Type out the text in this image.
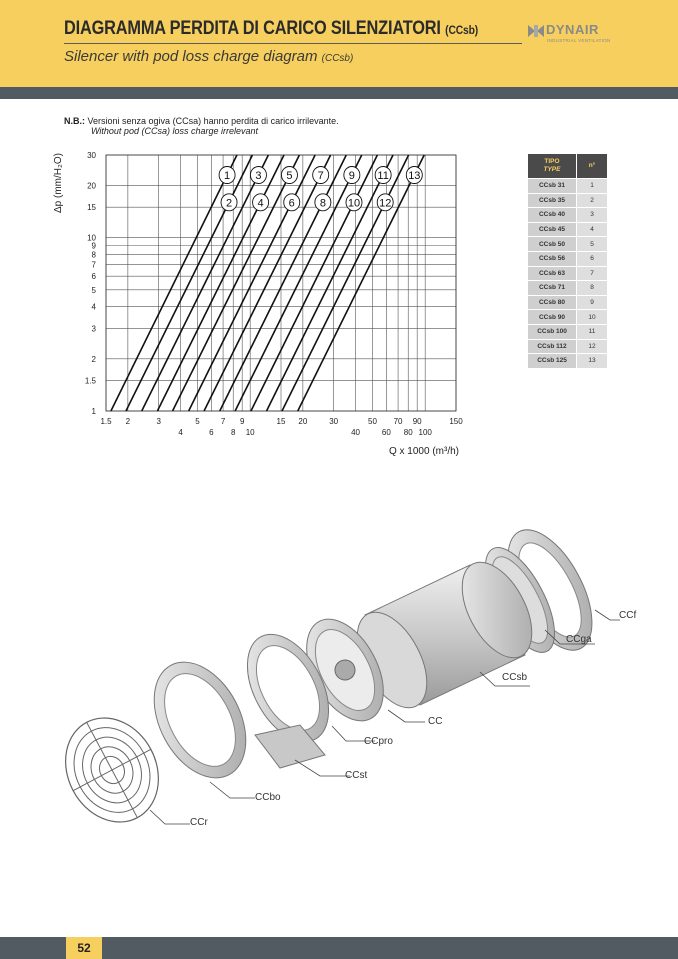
DIAGRAMMA PERDITA DI CARICO SILENZIATORI (CCsb)
Silencer with pod loss charge diagram (CCsb)
DYNAIR
INDUSTRIAL VENTILATION
N.B.: Versioni senza ogiva (CCsa) hanno perdita di carico irrilevante.
Without pod (CCsa) loss charge irrelevant
1
2
3
4
5
6
7
8
9
10
11
12
13
30
20
15
10
9
8
7
6
5
4
3
2
1.5
1
1.5 2	3	5	7 9	15 20	30	50 70 90	150
4	6 8 10	40	60 80 100
Δp (mm/H₂O)
Q x 1000 (m³/h)
TIPO
TYPE	n°
CCsb 31	1
CCsb 35	2
CCsb 40	3
CCsb 45	4
CCsb 50	5
CCsb 56	6
CCsb 63	7
CCsb 71	8
CCsb 80	9
CCsb 90	10
CCsb 100	11
CCsb 112	12
CCsb 125	13
CCf
CCga
CCsb
CC
CCpro
CCst
CCbo
CCr
52
